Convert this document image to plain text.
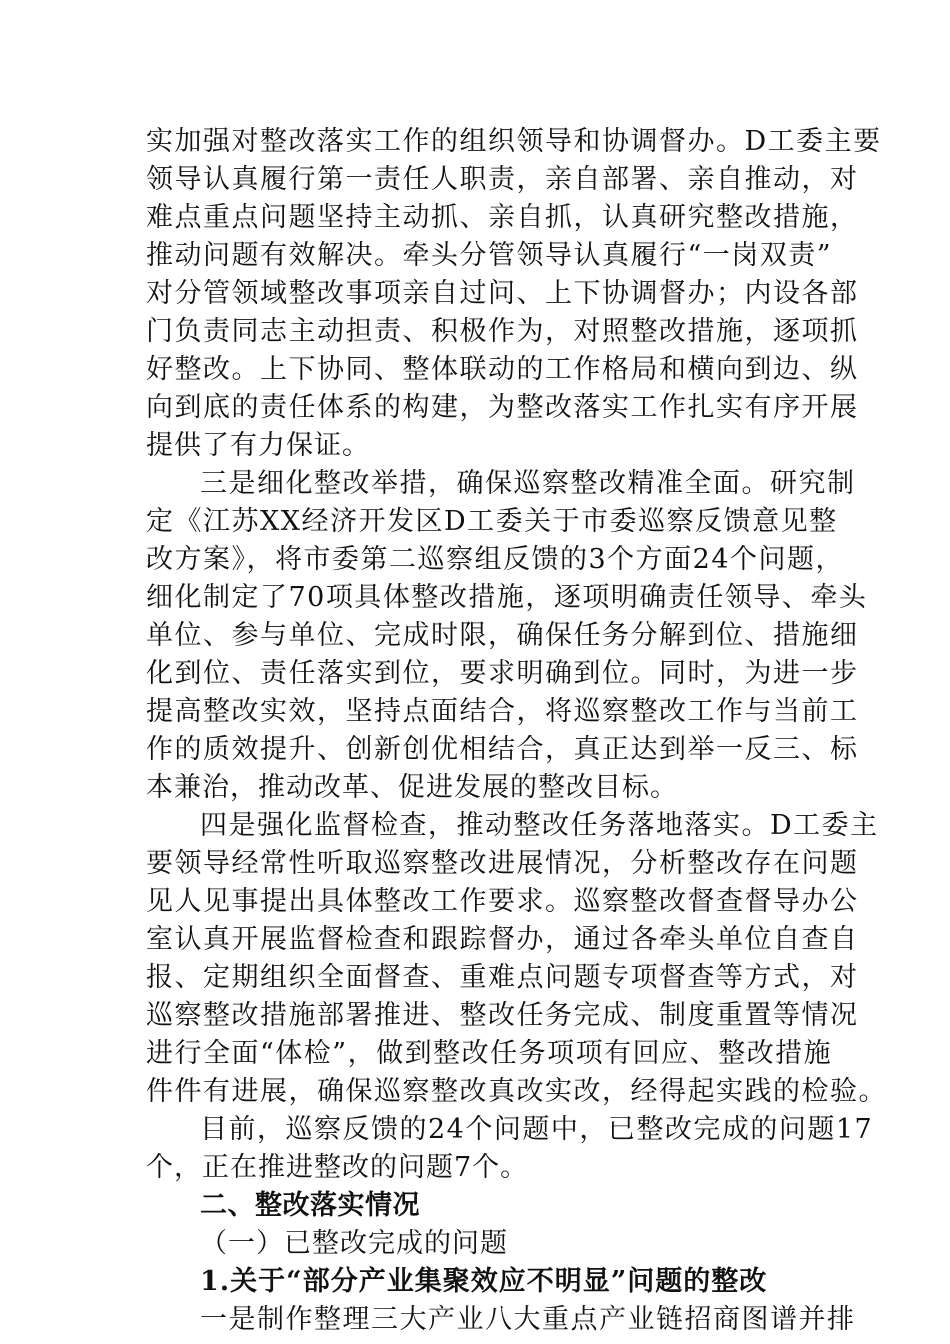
实加强对整改落实工作的组织领导和协调督办。D工委主要
领导认真履行第一责任人职责，亲自部署、亲自推动，对
难点重点问题坚持主动抓、亲自抓，认真研究整改措施，
推动问题有效解决。牵头分管领导认真履行“一岗双责”
对分管领域整改事项亲自过问、上下协调督办；内设各部
门负责同志主动担责、积极作为，对照整改措施，逐项抓
好整改。上下协同、整体联动的工作格局和横向到边、纵
向到底的责任体系的构建，为整改落实工作扎实有序开展
提供了有力保证。
三是细化整改举措，确保巡察整改精准全面。研究制
定《江苏XX经济开发区D工委关于市委巡察反馈意见整
改方案》，将市委第二巡察组反馈的3个方面24个问题，
细化制定了70项具体整改措施，逐项明确责任领导、牵头
单位、参与单位、完成时限，确保任务分解到位、措施细
化到位、责任落实到位，要求明确到位。同时，为进一步
提高整改实效，坚持点面结合，将巡察整改工作与当前工
作的质效提升、创新创优相结合，真正达到举一反三、标
本兼治，推动改革、促进发展的整改目标。
四是强化监督检查，推动整改任务落地落实。D工委主
要领导经常性听取巡察整改进展情况，分析整改存在问题
见人见事提出具体整改工作要求。巡察整改督查督导办公
室认真开展监督检查和跟踪督办，通过各牵头单位自查自
报、定期组织全面督查、重难点问题专项督查等方式，对
巡察整改措施部署推进、整改任务完成、制度重置等情况
进行全面“体检”，做到整改任务项项有回应、整改措施
件件有进展，确保巡察整改真改实改，经得起实践的检验。
目前，巡察反馈的24个问题中，已整改完成的问题17
个，正在推进整改的问题7个。
二、整改落实情况
（一）已整改完成的问题
1.关于“部分产业集聚效应不明显”问题的整改
一是制作整理三大产业八大重点产业链招商图谱并排
